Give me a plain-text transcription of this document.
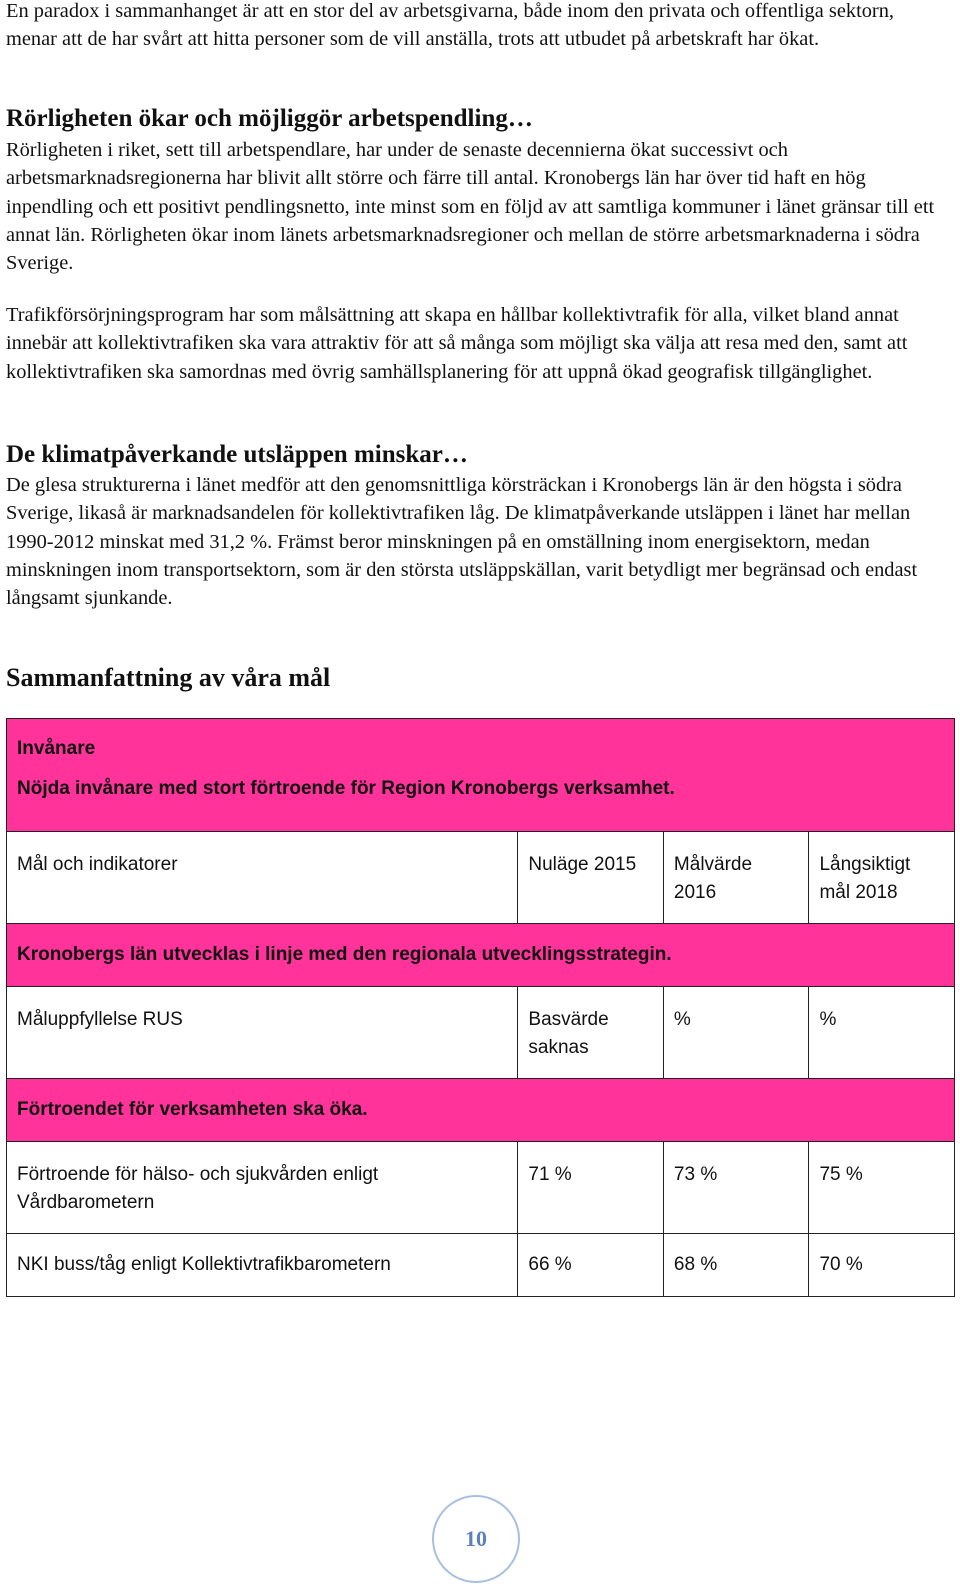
En paradox i sammanhanget är att en stor del av arbetsgivarna, både inom den privata och offentliga sektorn, menar att de har svårt att hitta personer som de vill anställa, trots att utbudet på arbetskraft har ökat.

Rörligheten ökar och möjliggör arbetspendling…

Rörligheten i riket, sett till arbetspendlare, har under de senaste decennierna ökat successivt och arbetsmarknadsregionerna har blivit allt större och färre till antal. Kronobergs län har över tid haft en hög inpendling och ett positivt pendlingsnetto, inte minst som en följd av att samtliga kommuner i länet gränsar till ett annat län. Rörligheten ökar inom länets arbetsmarknadsregioner och mellan de större arbetsmarknaderna i södra Sverige.

Trafikförsörjningsprogram har som målsättning att skapa en hållbar kollektivtrafik för alla, vilket bland annat innebär att kollektivtrafiken ska vara attraktiv för att så många som möjligt ska välja att resa med den, samt att kollektivtrafiken ska samordnas med övrig samhällsplanering för att uppnå ökad geografisk tillgänglighet.

De klimatpåverkande utsläppen minskar…

De glesa strukturerna i länet medför att den genomsnittliga körsträckan i Kronobergs län är den högsta i södra Sverige, likaså är marknadsandelen för kollektivtrafiken låg. De klimatpåverkande utsläppen i länet har mellan 1990-2012 minskat med 31,2 %. Främst beror minskningen på en omställning inom energisektorn, medan minskningen inom transportsektorn, som är den största utsläppskällan, varit betydligt mer begränsad och endast långsamt sjunkande.

Sammanfattning av våra mål
Invånare
Nöjda invånare med stort förtroende för Region Kronobergs verksamhet.			

Mål och indikatorer	Nuläge 2015	Målvärde 2016	Långsiktigt mål 2018
Kronobergs län utvecklas i linje med den regionala utvecklingsstrategin.			
Måluppfyllelse RUS	Basvärde saknas	%	%
Förtroendet för verksamheten ska öka.			
Förtroende för hälso- och sjukvården enligt Vårdbarometern	71 %	73 %	75 %
NKI buss/tåg enligt Kollektivtrafikbarometern	66 %	68 %	70 %
10
